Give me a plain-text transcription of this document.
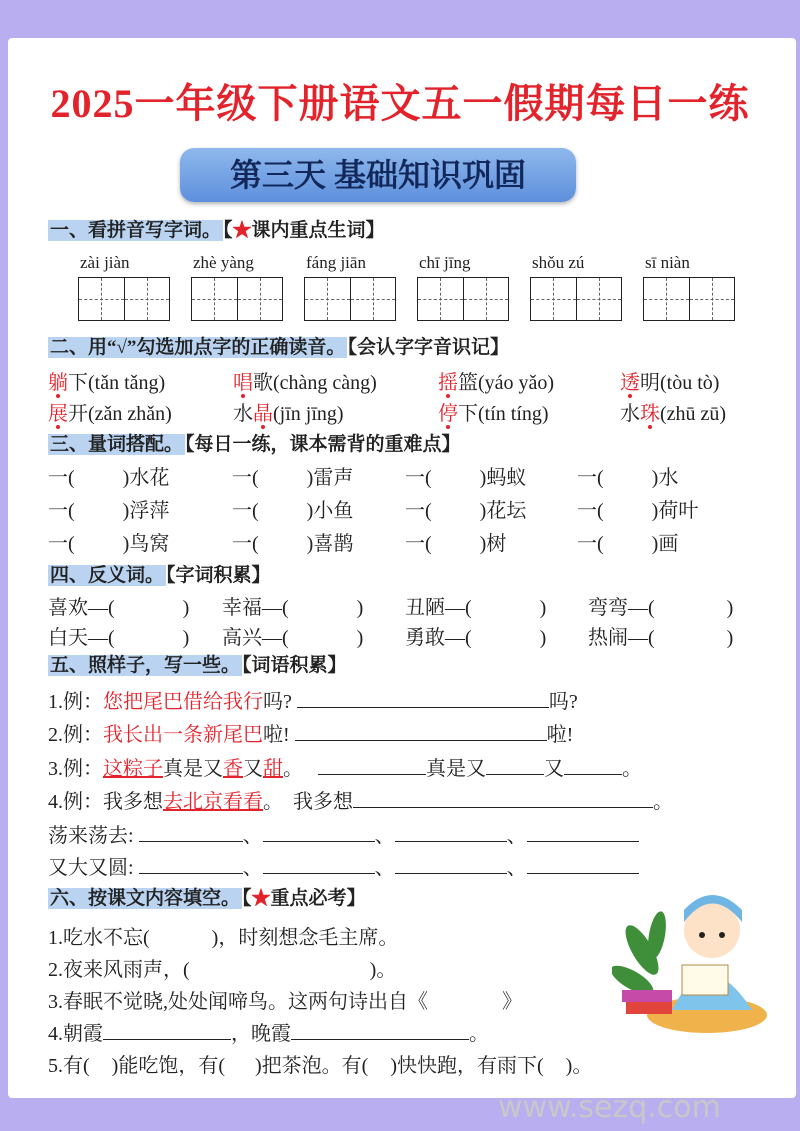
2025一年级下册语文五一假期每日一练
第三天 基础知识巩固
一、看拼音写字词。 【★课内重点生词】
zài jiàn	zhè yàng	fáng jiān	chī jīng	shǒu zú	sī niàn
二、用“√”勾选加点字的正确读音。 【会认字字音识记】
躺下(tǎn tǎng)	唱歌(chàng càng)	摇篮(yáo yǎo)	透明(tòu tò)
展开(zǎn zhǎn)	水晶(jīn jīng)	停下(tín tíng)	水珠(zhū zū)
三、量词搭配。 【每日一练，课本需背的重难点】
一( )水花	一( )雷声	一( )蚂蚁	一( )水
一( )浮萍	一( )小鱼	一( )花坛	一( )荷叶
一( )鸟窝	一( )喜鹊	一( )树	一( )画
四、反义词。 【字词积累】
喜欢—(	) 幸福—(	) 丑陋—(	) 弯弯—(	)
白天—(	) 高兴—(	) 勇敢—(	) 热闹—(	)
五、照样子，写一些。 【词语积累】
1.例：您把尾巴借给我行吗?	吗?
2.例：我长出一条新尾巴啦!	啦!
3.例：这粽子真是又香又甜。	真是又	又	。
4.例：我多想去北京看看。 我多想	。
荡来荡去:	、	、	、
又大又圆:	、	、	、
六、按课文内容填空。 【★重点必考】
1.吃水不忘(	)，时刻想念毛主席。
2.夜来风雨声，(	)。
3.春眠不觉晓,处处闻啼鸟。这两句诗出自《	》
4.朝霞	，晚霞	。
5.有( )能吃饱，有( )把茶泡。有( )快快跑，有雨下( )。
www.sezq.com
